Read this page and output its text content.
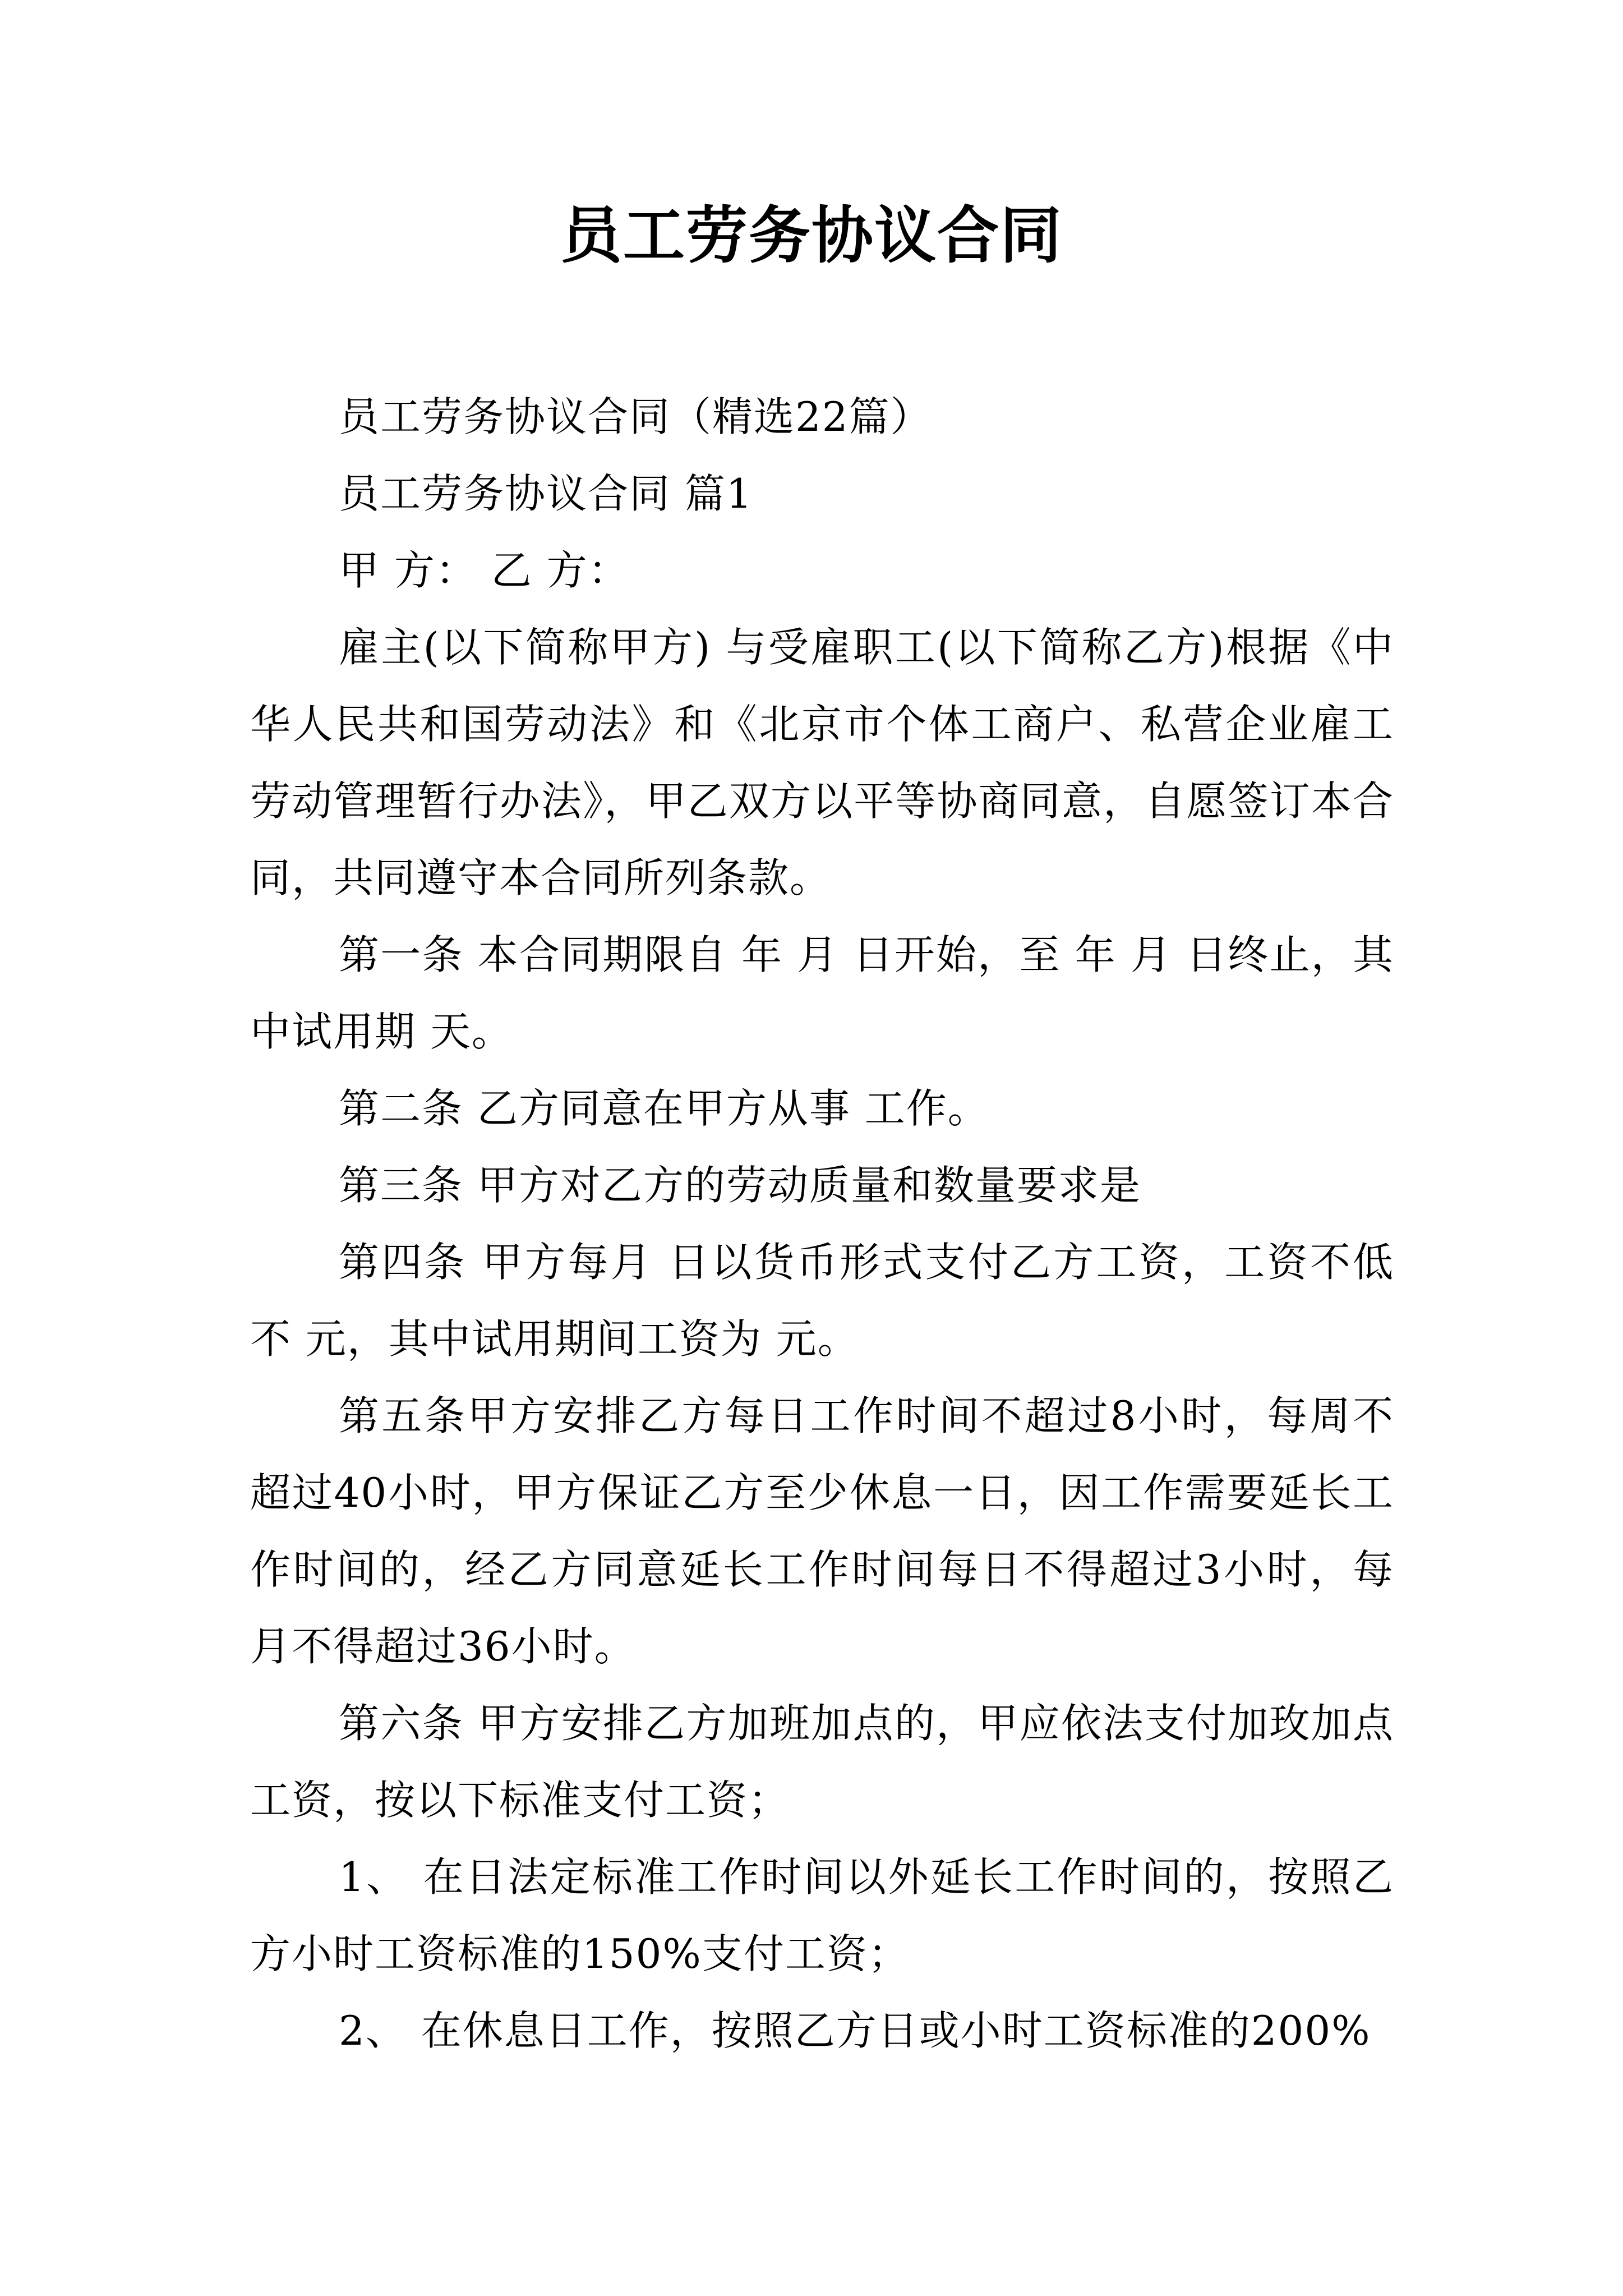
员工劳务协议合同

员工劳务协议合同（精选22篇）

员工劳务协议合同 篇1

甲 方： 乙 方：

雇主(以下简称甲方) 与受雇职工(以下简称乙方)根据《中华人民共和国劳动法》和《北京市个体工商户、私营企业雇工劳动管理暂行办法》，甲乙双方以平等协商同意，自愿签订本合同，共同遵守本合同所列条款。

第一条 本合同期限自 年 月 日开始，至 年 月 日终止，其中试用期 天。

第二条 乙方同意在甲方从事 工作。

第三条 甲方对乙方的劳动质量和数量要求是

第四条 甲方每月 日以货币形式支付乙方工资，工资不低不 元，其中试用期间工资为 元。

第五条甲方安排乙方每日工作时间不超过8小时，每周不超过40小时，甲方保证乙方至少休息一日，因工作需要延长工作时间的，经乙方同意延长工作时间每日不得超过3小时，每月不得超过36小时。

第六条 甲方安排乙方加班加点的，甲应依法支付加玫加点工资，按以下标准支付工资；

1、 在日法定标准工作时间以外延长工作时间的，按照乙方小时工资标准的150%支付工资；

2、 在休息日工作，按照乙方日或小时工资标准的200%
